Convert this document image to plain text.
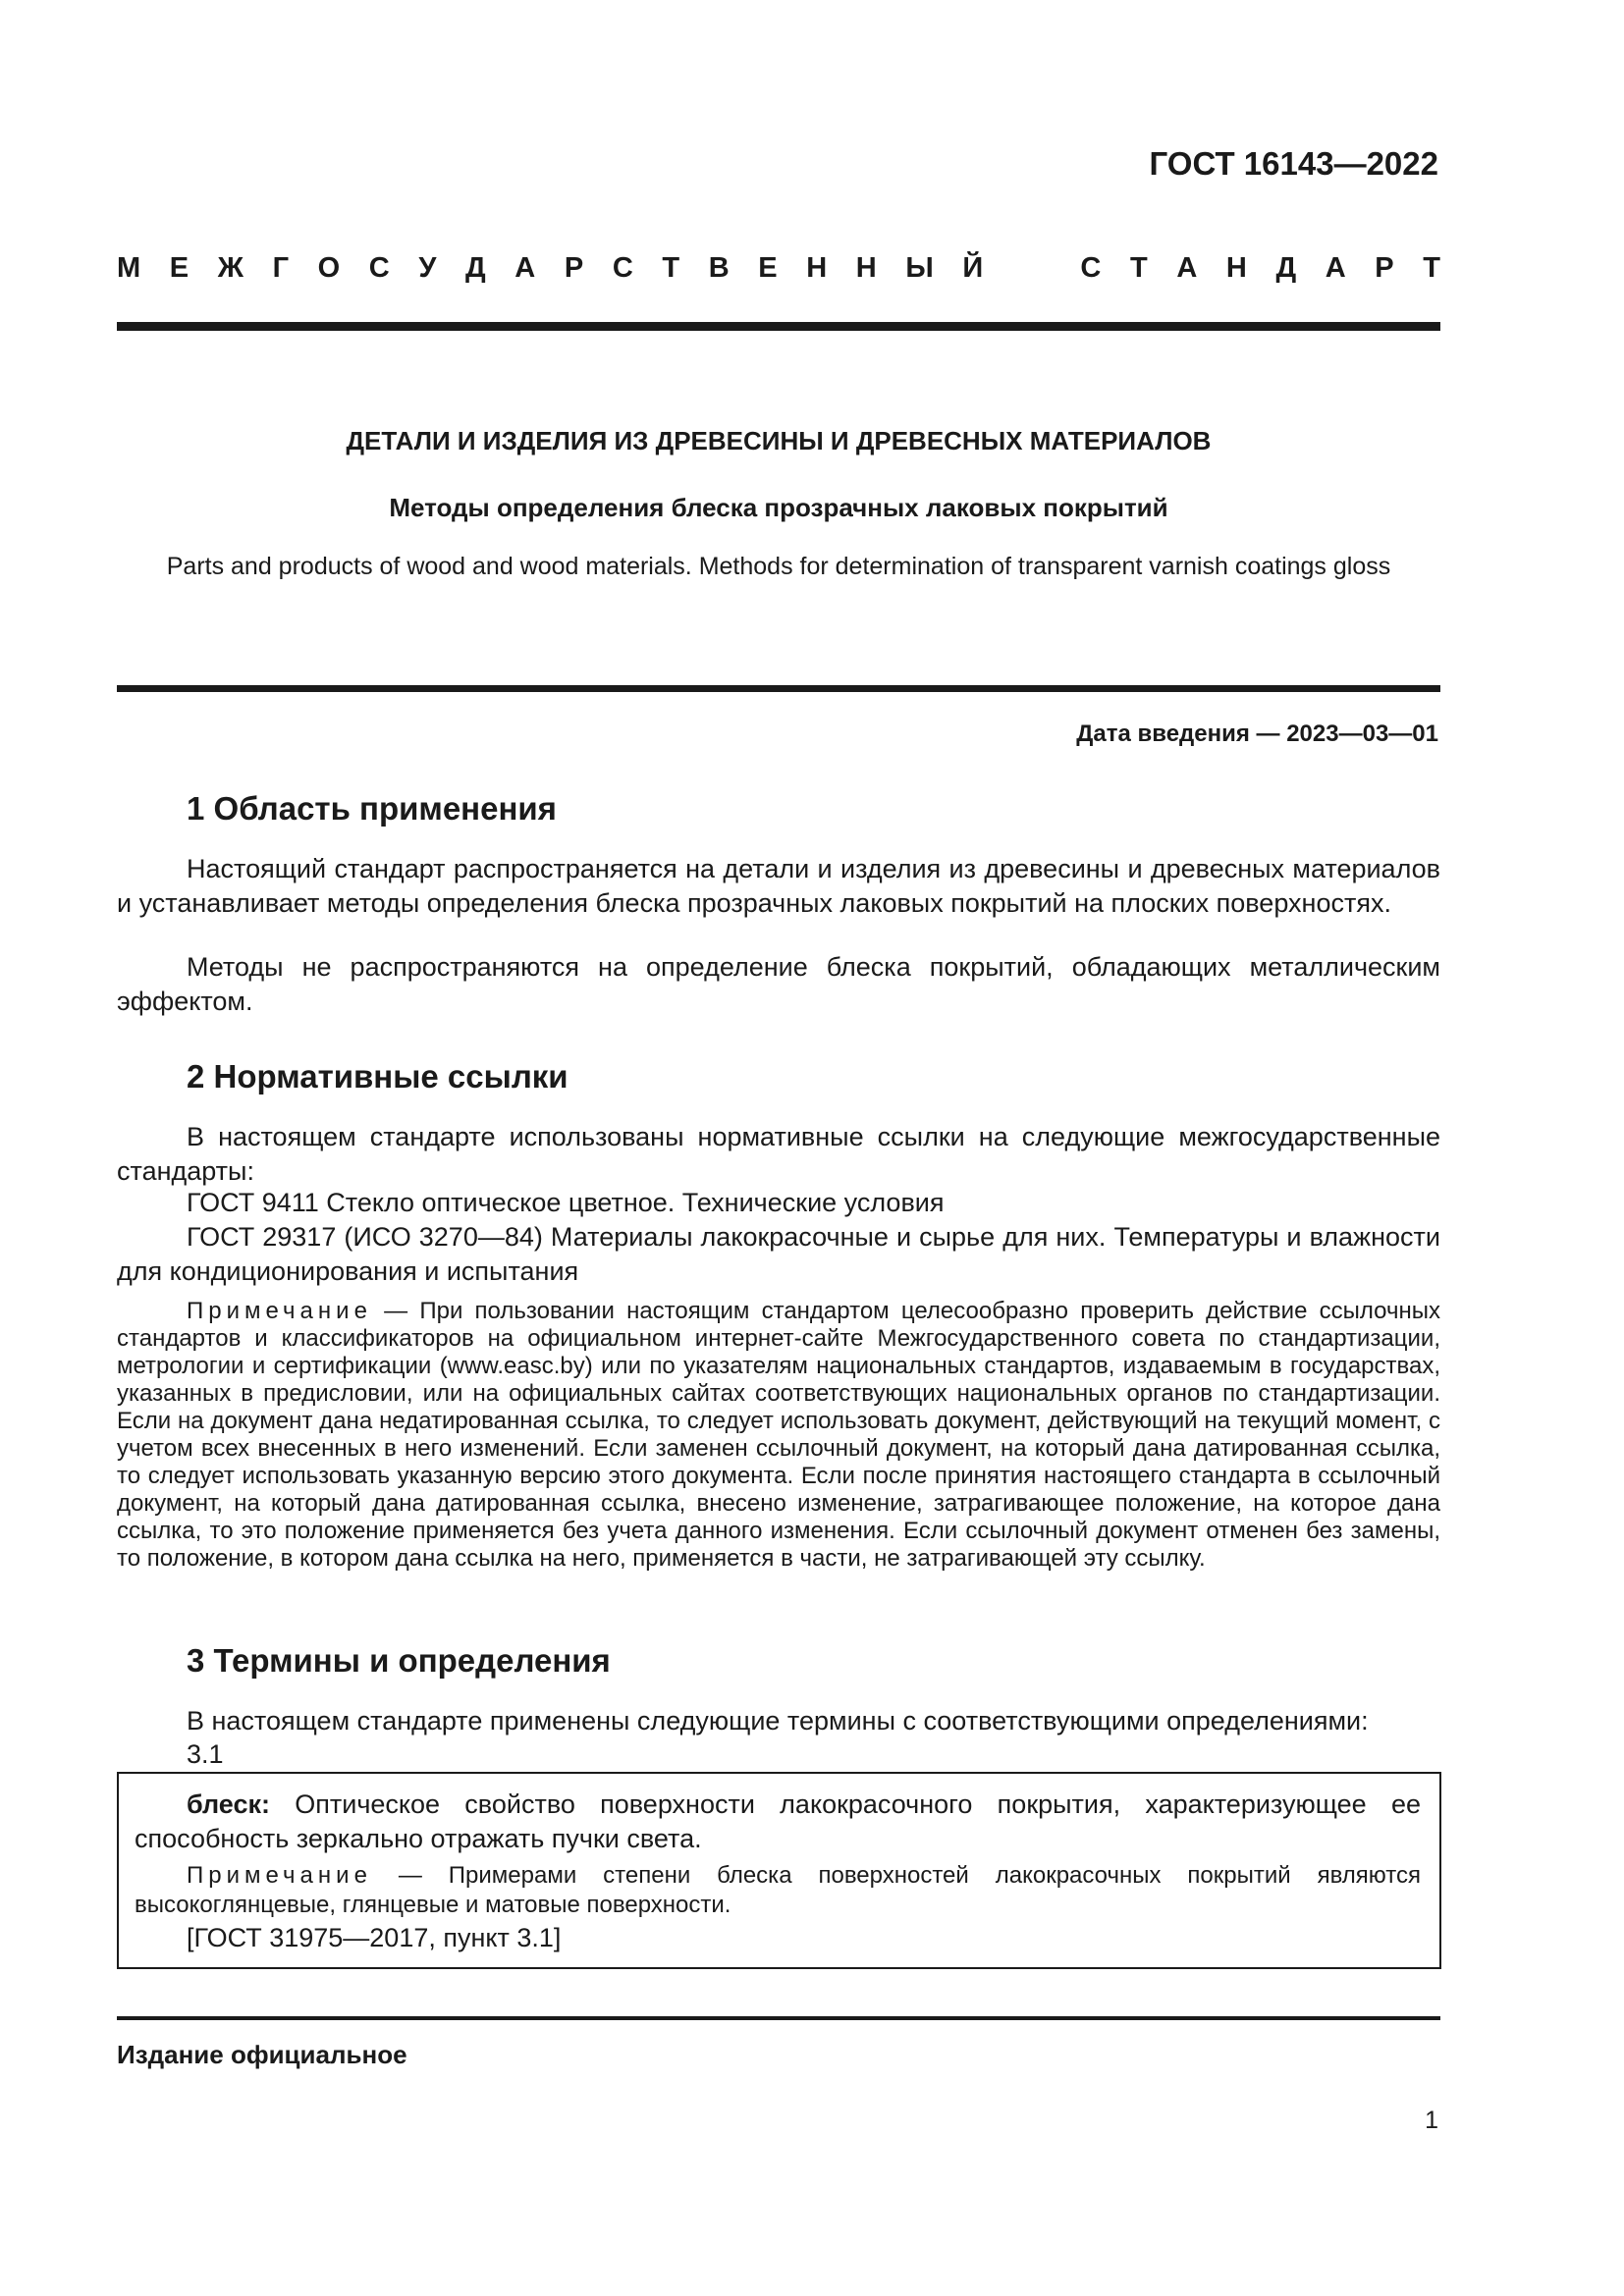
ГОСТ 16143—2022
М Е Ж Г О С У Д А Р С Т В Е Н Н Ы Й	С Т А Н Д А Р Т
ДЕТАЛИ И ИЗДЕЛИЯ ИЗ ДРЕВЕСИНЫ И ДРЕВЕСНЫХ МАТЕРИАЛОВ
Методы определения блеска прозрачных лаковых покрытий
Parts and products of wood and wood materials. Methods for determination of transparent varnish coatings gloss
Дата введения — 2023—03—01
1 Область применения
Настоящий стандарт распространяется на детали и изделия из древесины и древесных материалов и устанавливает методы определения блеска прозрачных лаковых покрытий на плоских поверхностях.
Методы не распространяются на определение блеска покрытий, обладающих металлическим эффектом.
2 Нормативные ссылки
В настоящем стандарте использованы нормативные ссылки на следующие межгосударственные стандарты:
ГОСТ 9411 Стекло оптическое цветное. Технические условия
ГОСТ 29317 (ИСО 3270—84) Материалы лакокрасочные и сырье для них. Температуры и влажности для кондиционирования и испытания
Примечание — При пользовании настоящим стандартом целесообразно проверить действие ссылочных стандартов и классификаторов на официальном интернет-сайте Межгосударственного совета по стандартизации, метрологии и сертификации (www.easc.by) или по указателям национальных стандартов, издаваемым в государствах, указанных в предисловии, или на официальных сайтах соответствующих национальных органов по стандартизации. Если на документ дана недатированная ссылка, то следует использовать документ, действующий на текущий момент, с учетом всех внесенных в него изменений. Если заменен ссылочный документ, на который дана датированная ссылка, то следует использовать указанную версию этого документа. Если после принятия настоящего стандарта в ссылочный документ, на который дана датированная ссылка, внесено изменение, затрагивающее положение, на которое дана ссылка, то это положение применяется без учета данного изменения. Если ссылочный документ отменен без замены, то положение, в котором дана ссылка на него, применяется в части, не затрагивающей эту ссылку.
3 Термины и определения
В настоящем стандарте применены следующие термины с соответствующими определениями:
3.1
блеск: Оптическое свойство поверхности лакокрасочного покрытия, характеризующее ее способность зеркально отражать пучки света.
Примечание — Примерами степени блеска поверхностей лакокрасочных покрытий являются высокоглянцевые, глянцевые и матовые поверхности.
[ГОСТ 31975—2017, пункт 3.1]
Издание официальное
1
